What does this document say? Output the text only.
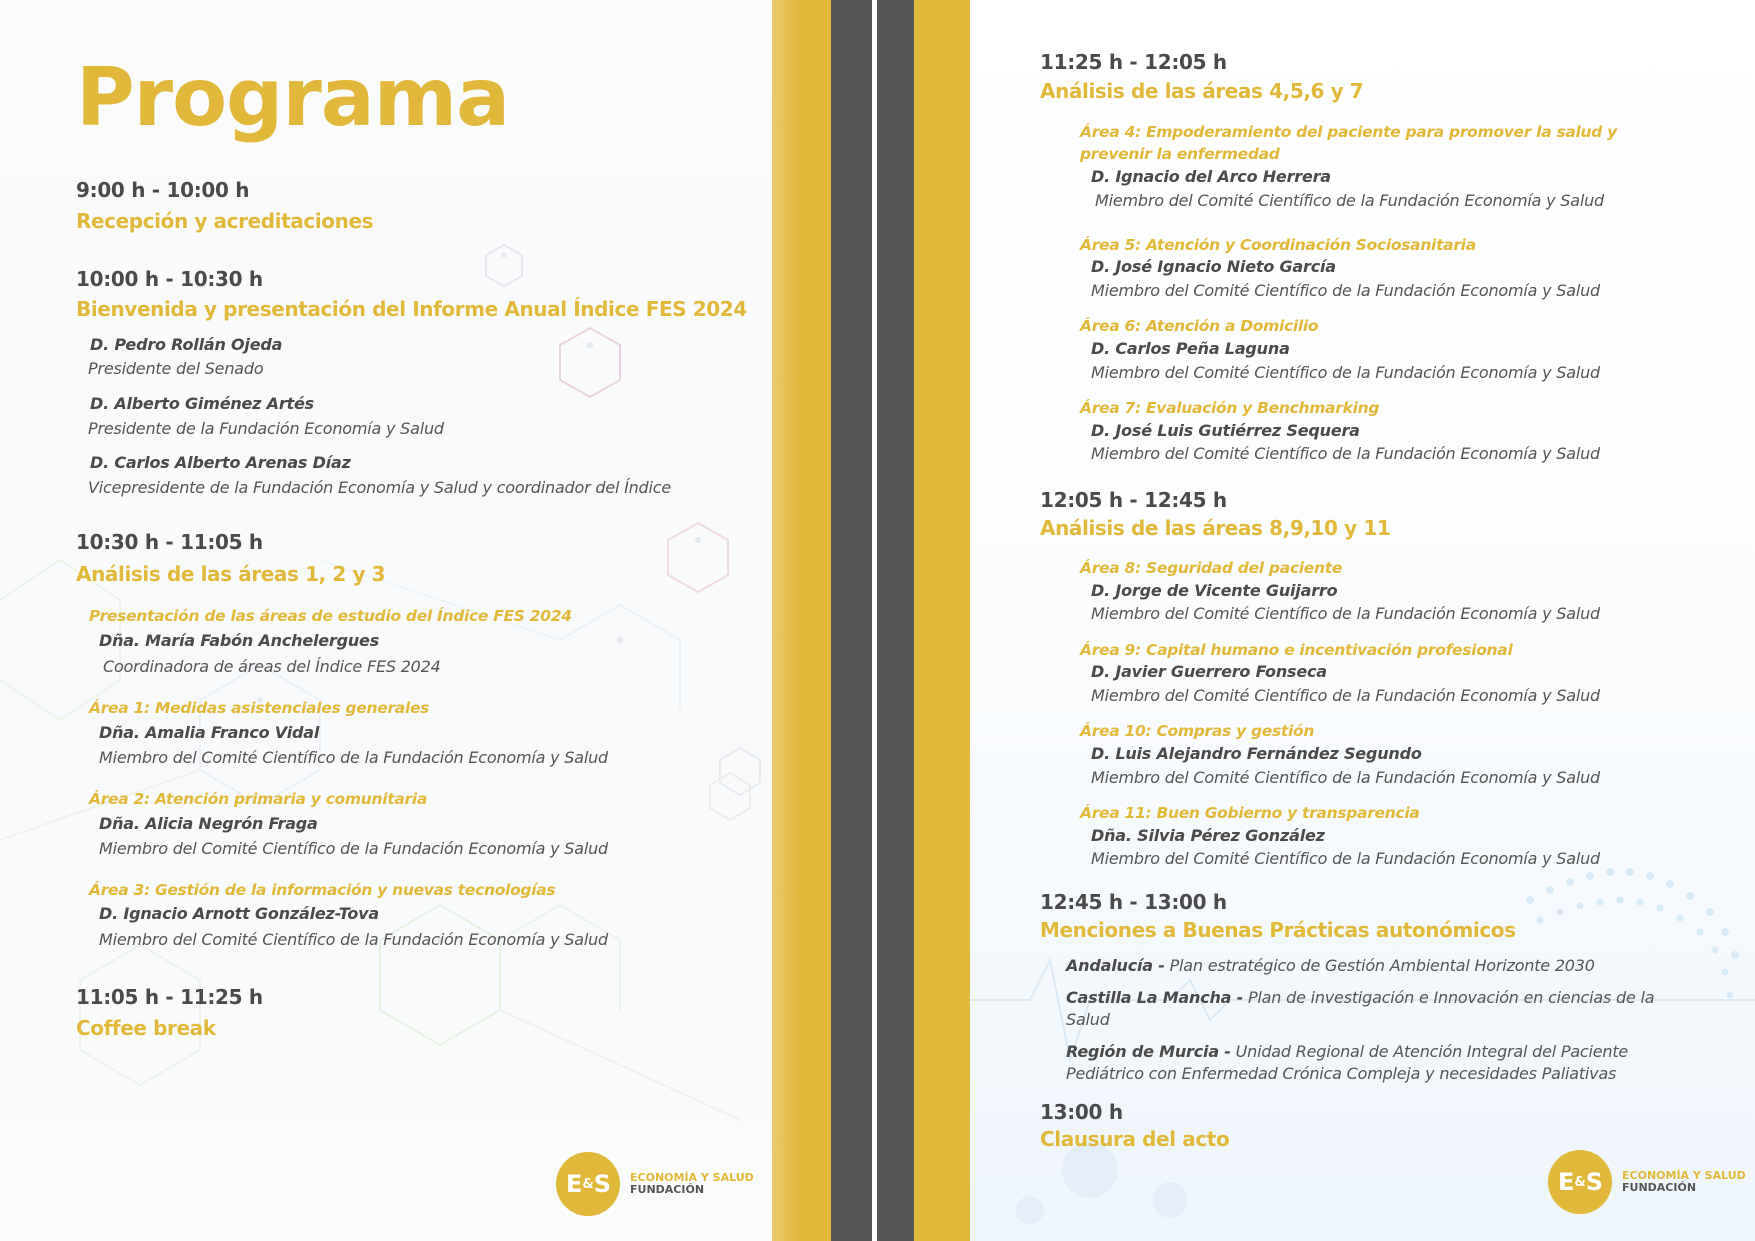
Programa
9:00 h - 10:00 h
Recepción y acreditaciones
10:00 h - 10:30 h
Bienvenida y presentación del Informe Anual Índice FES 2024
D. Pedro Rollán Ojeda
Presidente del Senado
D. Alberto Giménez Artés
Presidente de la Fundación Economía y Salud
D. Carlos Alberto Arenas Díaz
Vicepresidente de la Fundación Economía y Salud y coordinador del Índice
10:30 h - 11:05 h
Análisis de las áreas 1, 2 y 3
Presentación de las áreas de estudio del Índice FES 2024
Dña. María Fabón Anchelergues
Coordinadora de áreas del Índice FES 2024
Área 1: Medidas asistenciales generales
Dña. Amalia Franco Vidal
Miembro del Comité Científico de la Fundación Economía y Salud
Área 2: Atención primaria y comunitaria
Dña. Alicia Negrón Fraga
Miembro del Comité Científico de la Fundación Economía y Salud
Área 3: Gestión de la información y nuevas tecnologías
D. Ignacio Arnott González-Tova
Miembro del Comité Científico de la Fundación Economía y Salud
11:05 h - 11:25 h
Coffee break
E & S ECONOMÍA Y SALUD
FUNDACIÓN
11:25 h - 12:05 h
Análisis de las áreas 4,5,6 y 7
Área 4: Empoderamiento del paciente para promover la salud y
prevenir la enfermedad
D. Ignacio del Arco Herrera
Miembro del Comité Científico de la Fundación Economía y Salud
Área 5: Atención y Coordinación Sociosanitaria
D. José Ignacio Nieto García
Miembro del Comité Científico de la Fundación Economía y Salud
Área 6: Atención a Domicilio
D. Carlos Peña Laguna
Miembro del Comité Científico de la Fundación Economía y Salud
Área 7: Evaluación y Benchmarking
D. José Luis Gutiérrez Sequera
Miembro del Comité Científico de la Fundación Economía y Salud
12:05 h - 12:45 h
Análisis de las áreas 8,9,10 y 11
Área 8: Seguridad del paciente
D. Jorge de Vicente Guijarro
Miembro del Comité Científico de la Fundación Economía y Salud
Área 9: Capital humano e incentivación profesional
D. Javier Guerrero Fonseca
Miembro del Comité Científico de la Fundación Economía y Salud
Área 10: Compras y gestión
D. Luis Alejandro Fernández Segundo
Miembro del Comité Científico de la Fundación Economía y Salud
Área 11: Buen Gobierno y transparencia
Dña. Silvia Pérez González
Miembro del Comité Científico de la Fundación Economía y Salud
12:45 h - 13:00 h
Menciones a Buenas Prácticas autonómicos
Andalucía - Plan estratégico de Gestión Ambiental Horizonte 2030
Castilla La Mancha - Plan de investigación e Innovación en ciencias de la Salud
Región de Murcia - Unidad Regional de Atención Integral del Paciente Pediátrico con Enfermedad Crónica Compleja y necesidades Paliativas
13:00 h
Clausura del acto
E & S ECONOMÍA Y SALUD
FUNDACIÓN
